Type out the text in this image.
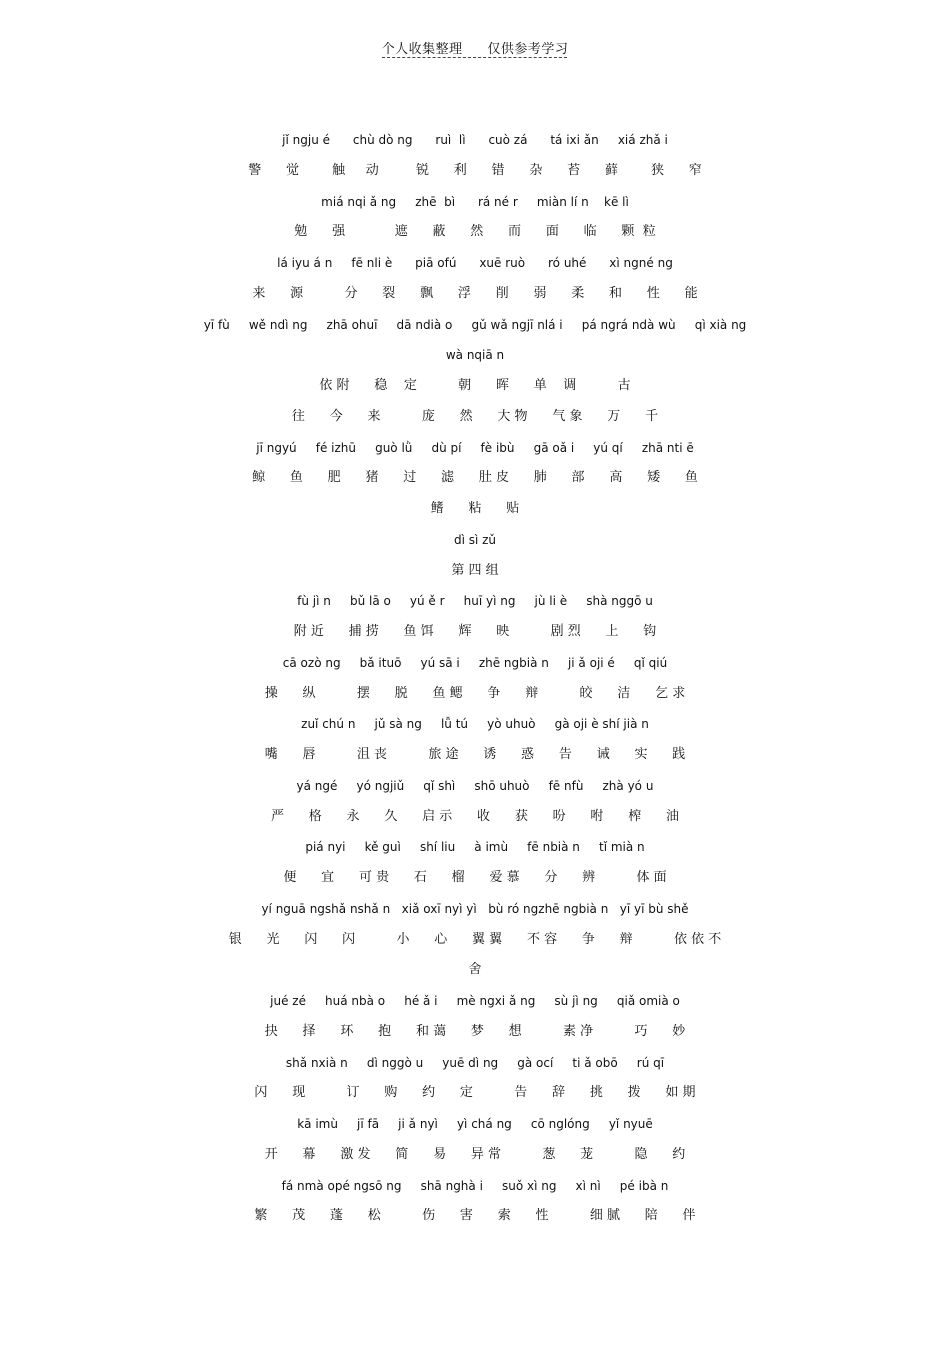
个人收集整理 仅供参考学习
jǐ ngju é      chù dò ng      ruì  lì      cuò zá      tá ixi ǎn     xiá zhǎ i
警      觉        触     动         锐      利      错      杂      苔      藓        狭      窄
miá nqi ǎ ng     zhē  bì      rá né r     miàn lí n    kē lì
勉      强            遮      蔽      然      而      面      临      颗  粒
lá iyu á n     fē nli è      piā ofú      xuē ruò      ró uhé      xì ngné ng
来      源          分      裂      飘      浮      削      弱      柔      和      性      能
yī fù     wě ndì ng     zhā ohuī     dā ndià o     gǔ wǎ ngjī nlá i     pá ngrá ndà wù     qì xià ng
wà nqiā n
依 附      稳    定          朝      晖      单    调          古
往      今      来          庞      然      大 物      气 象      万      千
jī ngyú     fé izhū     guò lǜ     dù pí     fè ibù     gā oǎ i     yú qí     zhā nti ē
鲸      鱼      肥      猪      过      滤      肚 皮      肺      部      高      矮      鱼
鳍      粘      贴
dì sì zǔ
第 四 组
fù jì n     bǔ lā o     yú ě r     huī yì ng     jù li è     shà nggō u
附 近      捕 捞      鱼 饵      辉      映          剧 烈      上      钩
cā ozò ng     bǎ ituō     yú sā i     zhē ngbià n     ji ǎ oji é     qǐ qiú
操      纵          摆      脱      鱼 鳃      争      辩          皎      洁      乞 求
zuǐ chú n     jǔ sà ng     lǚ tú     yò uhuò     gà oji è shí jià n
嘴      唇          沮 丧          旅 途      诱      惑      告      诫      实      践
yá ngé     yó ngjiǔ     qǐ shì     shō uhuò     fē nfù     zhà yó u
严      格      永      久      启 示      收      获      吩      咐      榨      油
piá nyi     kě guì     shí liu     à imù     fē nbià n     tǐ mià n
便      宜      可 贵      石      榴      爱 慕      分      辨          体 面
yí nguā ngshǎ nshǎ n   xiǎ oxī nyì yì   bù ró ngzhē ngbià n   yī yī bù shě
银      光      闪      闪          小      心      翼 翼      不 容      争      辩          依 依 不
舍
jué zé     huá nbà o     hé ǎ i     mè ngxi ǎ ng     sù jì ng     qiǎ omià o
抉      择      环      抱      和 蔼      梦      想          素 净          巧      妙
shǎ nxià n     dì nggò u     yuē dì ng     gà ocí     ti ǎ obō     rú qī
闪      现          订      购      约      定          告      辞      挑      拨      如 期
kā imù     jī fā     ji ǎ nyì     yì chá ng     cō nglóng     yǐ nyuē
开      幕      激 发      简      易      异 常          葱      茏          隐      约
fá nmà opé ngsō ng     shā nghà i     suǒ xì ng     xì nì     pé ibà n
繁      茂      蓬      松          伤      害      索      性          细 腻      陪      伴
